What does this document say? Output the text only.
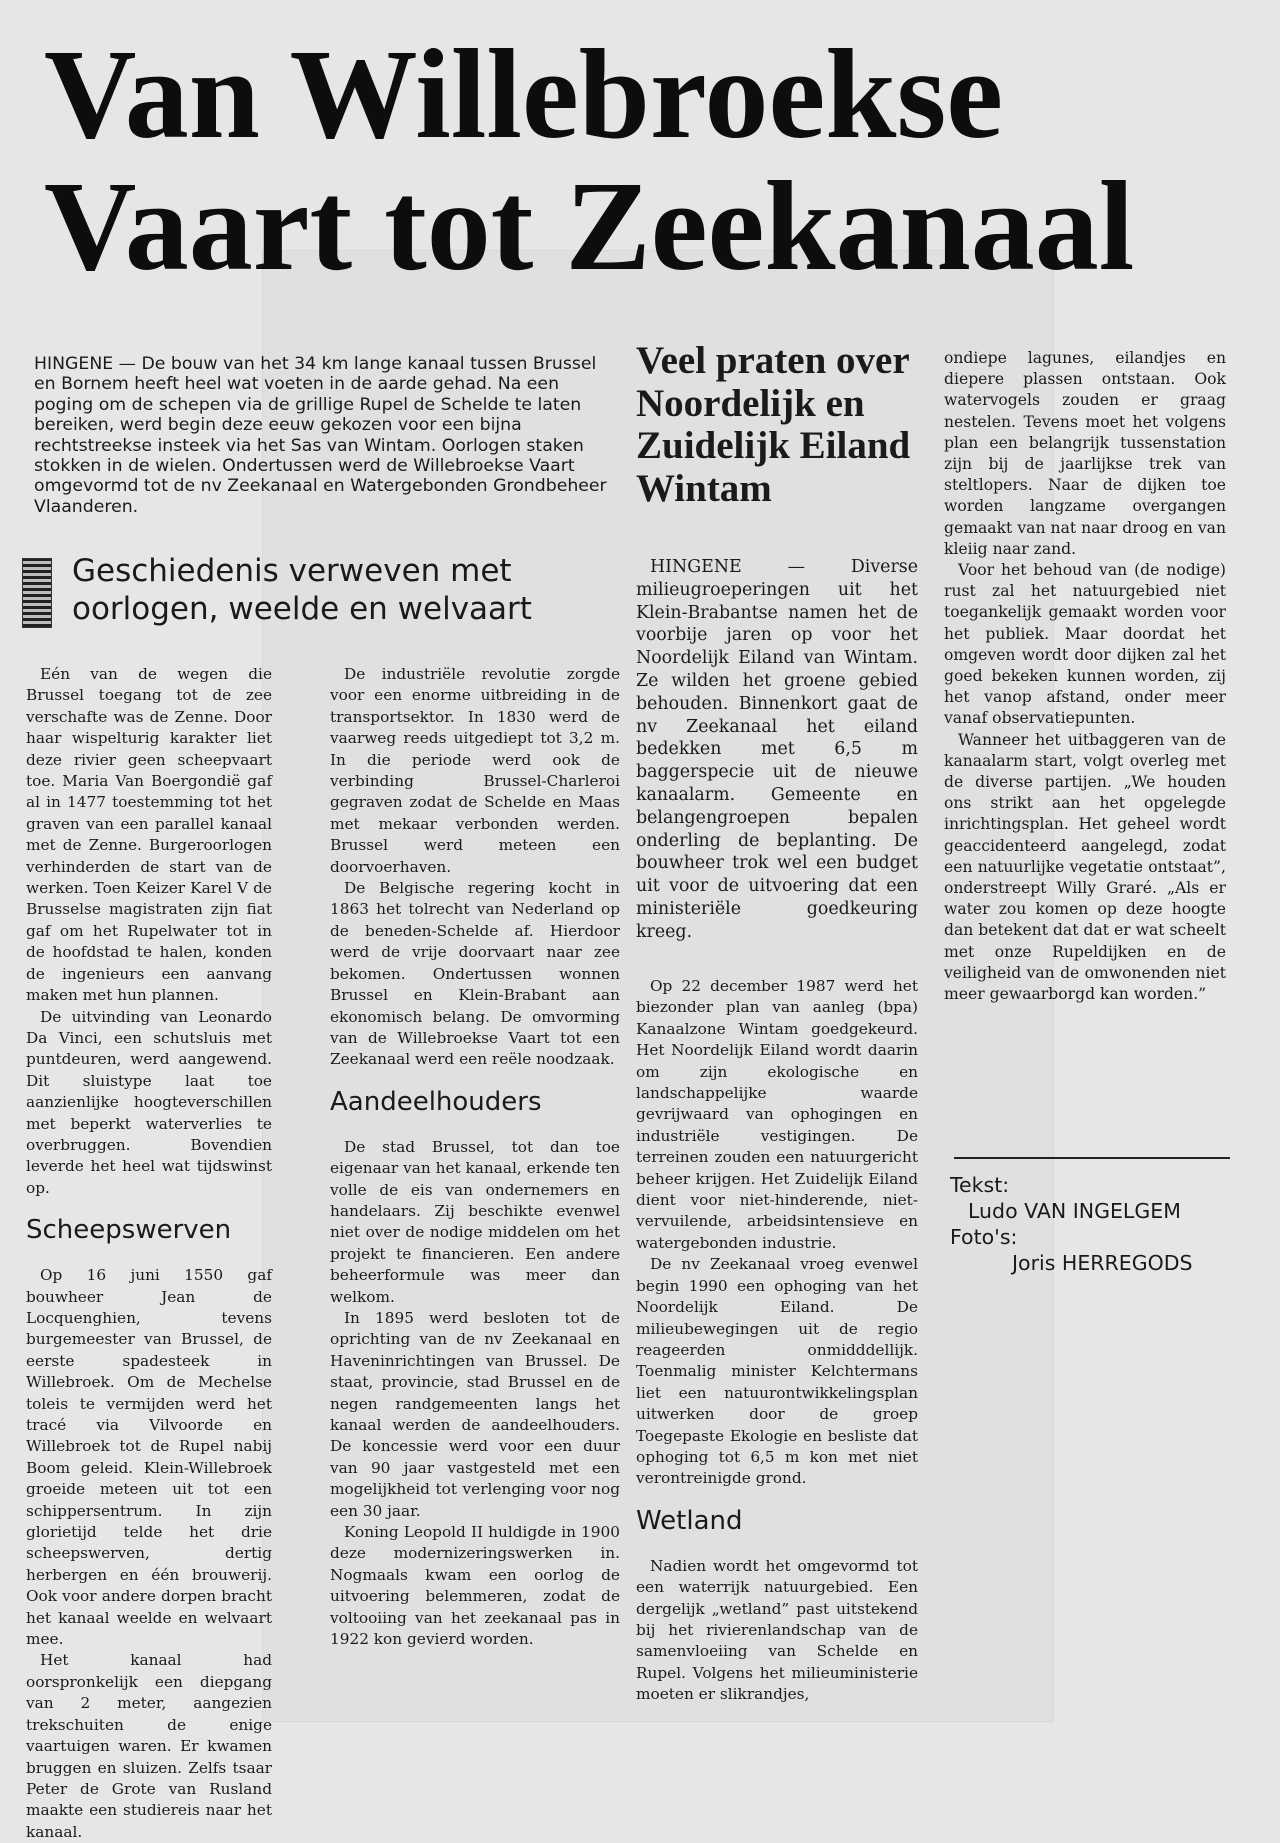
Van Willebroekse
Vaart tot Zeekanaal
HINGENE — De bouw van het 34 km lange kanaal tussen Brussel en Bornem heeft heel wat voeten in de aarde gehad. Na een poging om de schepen via de grillige Rupel de Schelde te laten bereiken, werd begin deze eeuw gekozen voor een bijna rechtstreekse insteek via het Sas van Wintam. Oorlogen staken stokken in de wielen. Ondertussen werd de Willebroekse Vaart omgevormd tot de nv Zeekanaal en Watergebonden Grondbeheer Vlaanderen.
Geschiedenis verweven met
oorlogen, weelde en welvaart

Eén van de wegen die Brussel toegang tot de zee verschafte was de Zenne. Door haar wispelturig karakter liet deze rivier geen scheepvaart toe. Maria Van Boergondië gaf al in 1477 toestemming tot het graven van een parallel kanaal met de Zenne. Burgeroorlogen verhinderden de start van de werken. Toen Keizer Karel V de Brusselse magistraten zijn fiat gaf om het Rupelwater tot in de hoofdstad te halen, konden de ingenieurs een aanvang maken met hun plannen.

De uitvinding van Leonardo Da Vinci, een schutsluis met puntdeuren, werd aangewend. Dit sluistype laat toe aanzienlijke hoogteverschillen met beperkt waterverlies te overbruggen. Bovendien leverde het heel wat tijdswinst op.

Scheepswerven

Op 16 juni 1550 gaf bouwheer Jean de Locquenghien, tevens burgemeester van Brussel, de eerste spadesteek in Willebroek. Om de Mechelse toleis te vermijden werd het tracé via Vilvoorde en Willebroek tot de Rupel nabij Boom geleid. Klein-Willebroek groeide meteen uit tot een schippersentrum. In zijn glorietijd telde het drie scheepswerven, dertig herbergen en één brouwerij. Ook voor andere dorpen bracht het kanaal weelde en welvaart mee.

Het kanaal had oorspronkelijk een diepgang van 2 meter, aangezien trekschuiten de enige vaartuigen waren. Er kwamen bruggen en sluizen. Zelfs tsaar Peter de Grote van Rusland maakte een studiereis naar het kanaal.

De industriële revolutie zorgde voor een enorme uitbreiding in de transportsektor. In 1830 werd de vaarweg reeds uitgediept tot 3,2 m. In die periode werd ook de verbinding Brussel-Charleroi gegraven zodat de Schelde en Maas met mekaar verbonden werden. Brussel werd meteen een doorvoerhaven.

De Belgische regering kocht in 1863 het tolrecht van Nederland op de beneden-Schelde af. Hierdoor werd de vrije doorvaart naar zee bekomen. Ondertussen wonnen Brussel en Klein-Brabant aan ekonomisch belang. De omvorming van de Willebroekse Vaart tot een Zeekanaal werd een reële noodzaak.

Aandeelhouders

De stad Brussel, tot dan toe eigenaar van het kanaal, erkende ten volle de eis van ondernemers en handelaars. Zij beschikte evenwel niet over de nodige middelen om het projekt te financieren. Een andere beheerformule was meer dan welkom.

In 1895 werd besloten tot de oprichting van de nv Zeekanaal en Haveninrichtingen van Brussel. De staat, provincie, stad Brussel en de negen randgemeenten langs het kanaal werden de aandeelhouders. De koncessie werd voor een duur van 90 jaar vastgesteld met een mogelijkheid tot verlenging voor nog een 30 jaar.

Koning Leopold II huldigde in 1900 deze modernizeringswerken in. Nogmaals kwam een oorlog de uitvoering belemmeren, zodat de voltooiing van het zeekanaal pas in 1922 kon gevierd worden.

Veel praten over Noordelijk en Zuidelijk Eiland Wintam

HINGENE — Diverse milieugroeperingen uit het Klein-Brabantse namen het de voorbije jaren op voor het Noordelijk Eiland van Wintam. Ze wilden het groene gebied behouden. Binnenkort gaat de nv Zeekanaal het eiland bedekken met 6,5 m baggerspecie uit de nieuwe kanaalarm. Gemeente en belangengroepen bepalen onderling de beplanting. De bouwheer trok wel een budget uit voor de uitvoering dat een ministeriële goedkeuring kreeg.

Op 22 december 1987 werd het biezonder plan van aanleg (bpa) Kanaalzone Wintam goedgekeurd. Het Noordelijk Eiland wordt daarin om zijn ekologische en landschappelijke waarde gevrijwaard van ophogingen en industriële vestigingen. De terreinen zouden een natuurgericht beheer krijgen. Het Zuidelijk Eiland dient voor niet-hinderende, niet-vervuilende, arbeidsintensieve en watergebonden industrie.

De nv Zeekanaal vroeg evenwel begin 1990 een ophoging van het Noordelijk Eiland. De milieubewegingen uit de regio reageerden onmidddellijk. Toenmalig minister Kelchtermans liet een natuurontwikkelingsplan uitwerken door de groep Toegepaste Ekologie en besliste dat ophoging tot 6,5 m kon met niet verontreinigde grond.

Wetland

Nadien wordt het omgevormd tot een waterrijk natuurgebied. Een dergelijk „wetland” past uitstekend bij het rivierenlandschap van de samenvloeiing van Schelde en Rupel. Volgens het milieuministerie moeten er slikrandjes,

ondiepe lagunes, eilandjes en diepere plassen ontstaan. Ook watervogels zouden er graag nestelen. Tevens moet het volgens plan een belangrijk tussenstation zijn bij de jaarlijkse trek van steltlopers. Naar de dijken toe worden langzame overgangen gemaakt van nat naar droog en van kleiig naar zand.

Voor het behoud van (de nodige) rust zal het natuurgebied niet toegankelijk gemaakt worden voor het publiek. Maar doordat het omgeven wordt door dijken zal het goed bekeken kunnen worden, zij het vanop afstand, onder meer vanaf observatiepunten.

Wanneer het uitbaggeren van de kanaalarm start, volgt overleg met de diverse partijen. „We houden ons strikt aan het opgelegde inrichtingsplan. Het geheel wordt geaccidenteerd aangelegd, zodat een natuurlijke vegetatie ontstaat”, onderstreept Willy Graré. „Als er water zou komen op deze hoogte dan betekent dat dat er wat scheelt met onze Rupeldijken en de veiligheid van de omwonenden niet meer gewaarborgd kan worden.”

Tekst:
Ludo VAN INGELGEM
Foto's:
Joris HERREGODS
